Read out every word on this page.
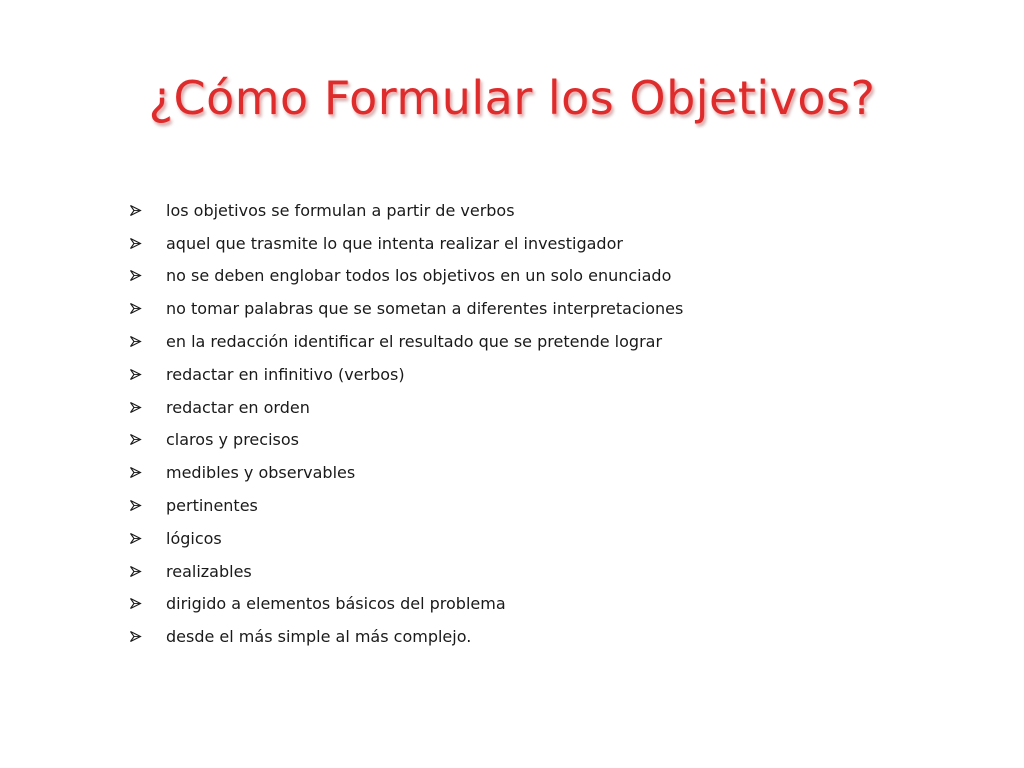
¿Cómo Formular los Objetivos?
los objetivos se formulan a partir de verbos
aquel que trasmite lo que intenta realizar el investigador
no se deben englobar todos los objetivos en un solo enunciado
no tomar palabras que se sometan a diferentes interpretaciones
en la redacción identificar el resultado que se pretende lograr
redactar en infinitivo (verbos)
redactar en orden
claros y precisos
medibles y observables
pertinentes
lógicos
realizables
dirigido a elementos básicos del problema
desde el más simple al más complejo.
